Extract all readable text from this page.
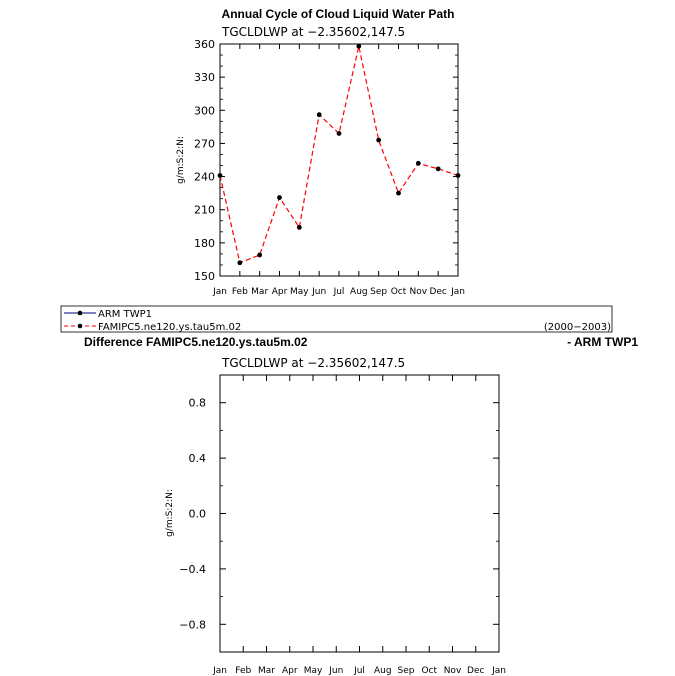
Annual Cycle of Cloud Liquid Water Path
TGCLDLWP at −2.35602,147.5
150
180
210
240
270
300
330
360
Jan Feb Mar Apr May Jun Jul Aug Sep Oct Nov Dec Jan
g/m:S:2:N:
ARM TWP1
FAMIPC5.ne120.ys.tau5m.02	(2000−2003)
Difference FAMIPC5.ne120.ys.tau5m.02	- ARM TWP1
TGCLDLWP at −2.35602,147.5
−0.8
−0.4
0.0
0.4
0.8
Jan Feb Mar Apr May Jun Jul Aug Sep Oct Nov Dec Jan
g/m:S:2:N:
